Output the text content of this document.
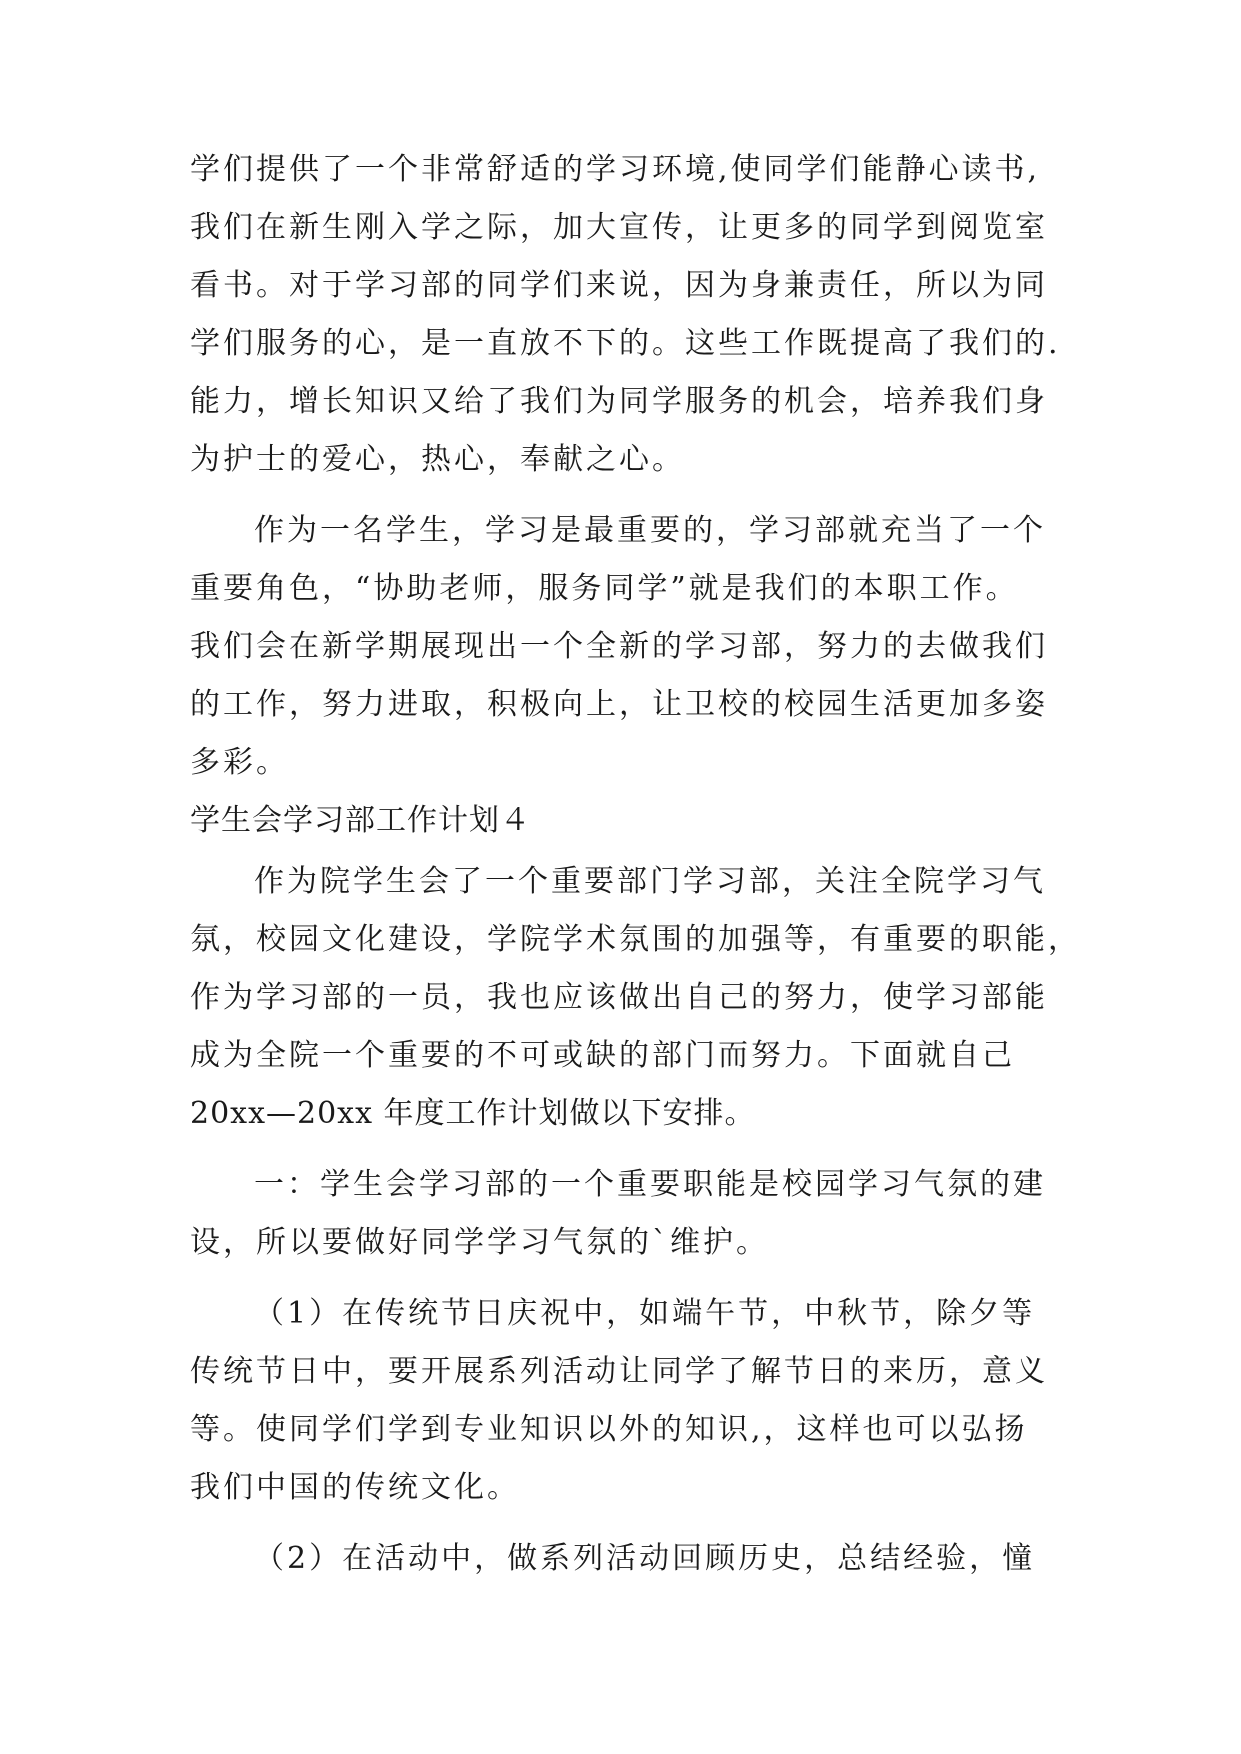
学们提供了一个非常舒适的学习环境,使同学们能静心读书,
我们在新生刚入学之际，加大宣传，让更多的同学到阅览室
看书。对于学习部的同学们来说，因为身兼责任，所以为同
学们服务的心，是一直放不下的。这些工作既提高了我们的.
能力，增长知识又给了我们为同学服务的机会，培养我们身
为护士的爱心，热心，奉献之心。
作为一名学生，学习是最重要的，学习部就充当了一个
重要角色，“协助老师，服务同学”就是我们的本职工作。
我们会在新学期展现出一个全新的学习部，努力的去做我们
的工作，努力进取，积极向上，让卫校的校园生活更加多姿
多彩。
学生会学习部工作计划４
作为院学生会了一个重要部门学习部，关注全院学习气
氛，校园文化建设，学院学术氛围的加强等，有重要的职能，
作为学习部的一员，我也应该做出自己的努力，使学习部能
成为全院一个重要的不可或缺的部门而努力。下面就自己
20xx—20xx 年度工作计划做以下安排。
一：学生会学习部的一个重要职能是校园学习气氛的建
设，所以要做好同学学习气氛的`维护。
（1）在传统节日庆祝中，如端午节，中秋节，除夕等
传统节日中，要开展系列活动让同学了解节日的来历，意义
等。使同学们学到专业知识以外的知识,，这样也可以弘扬
我们中国的传统文化。
（2）在活动中，做系列活动回顾历史，总结经验，憧
